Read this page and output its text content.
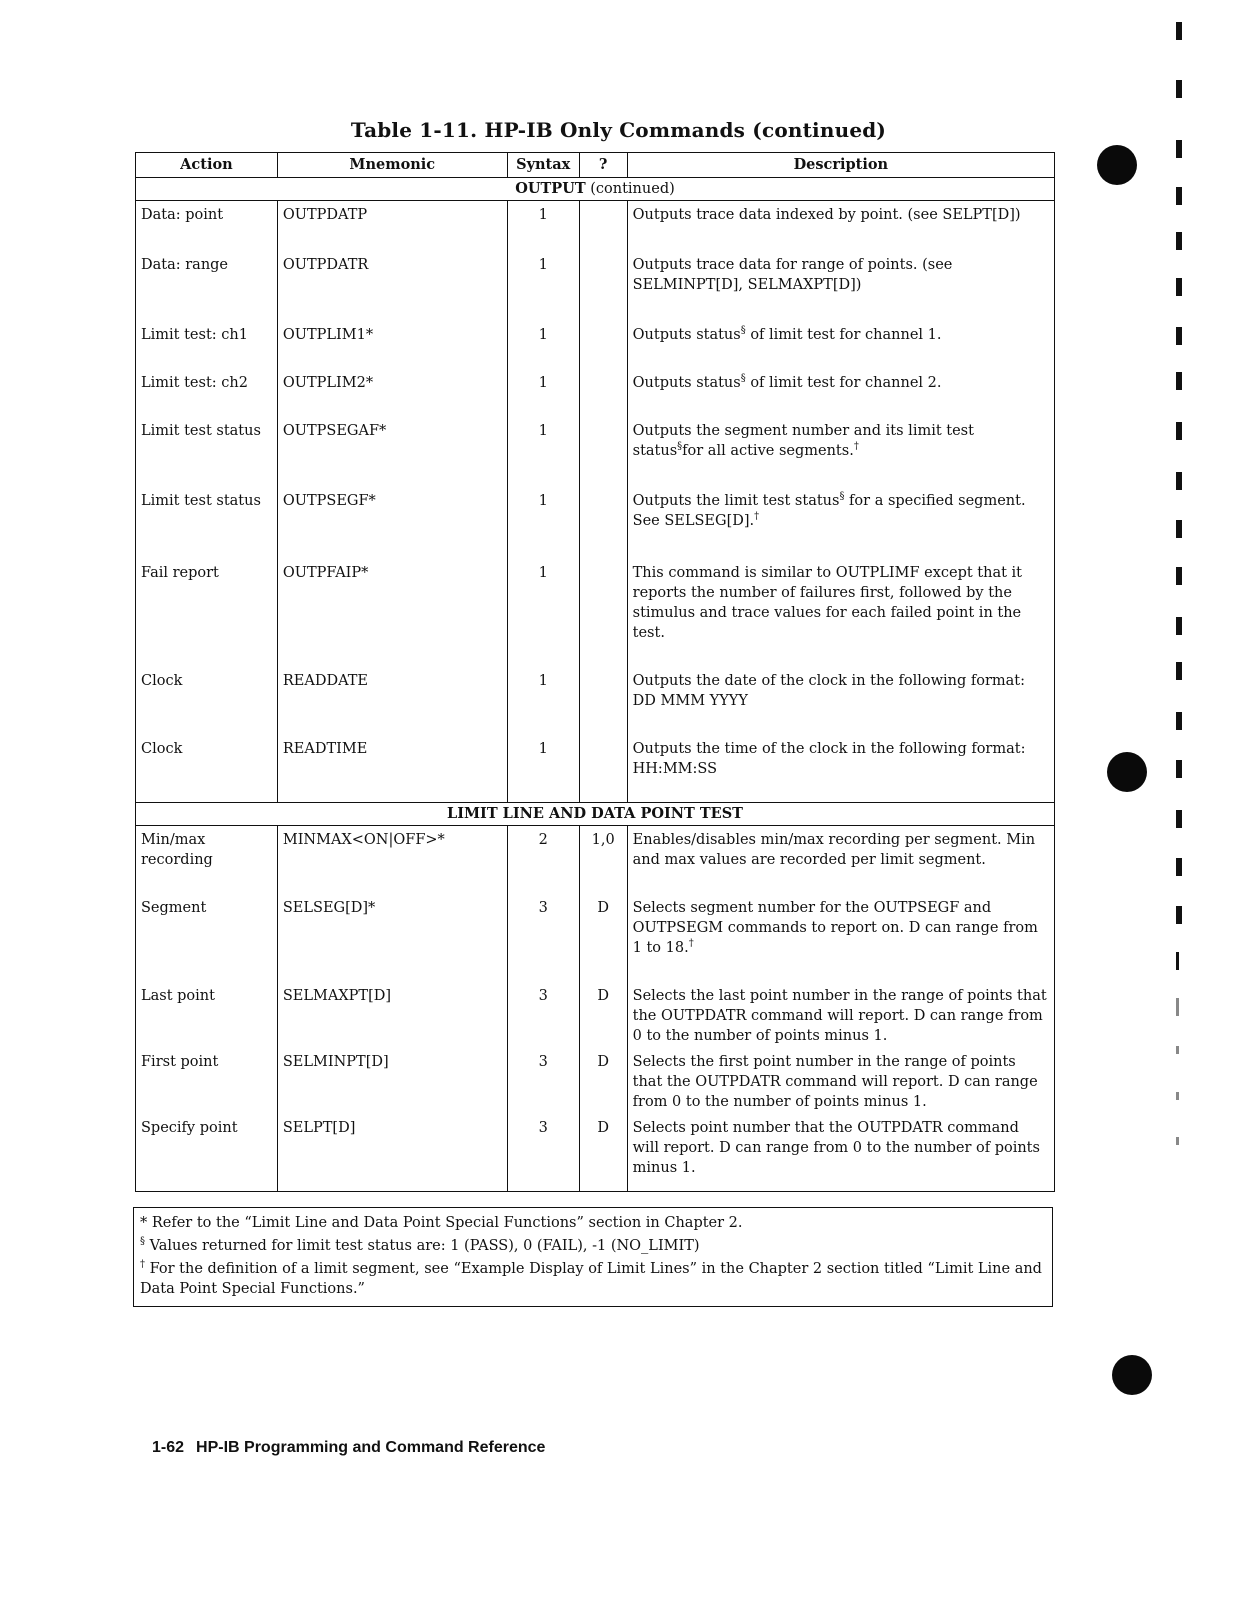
Table 1-11. HP-IB Only Commands (continued)
Action	Mnemonic	Syntax	?	Description
OUTPUT (continued)				
Data: point	OUTPDATP	1		Outputs trace data indexed by point. (see SELPT[D])
Data: range	OUTPDATR	1		Outputs trace data for range of points. (see SELMINPT[D], SELMAXPT[D])
Limit test: ch1	OUTPLIM1*	1		Outputs status§ of limit test for channel 1.
Limit test: ch2	OUTPLIM2*	1		Outputs status§ of limit test for channel 2.
Limit test status	OUTPSEGAF*	1		Outputs the segment number and its limit test status§for all active segments.†
Limit test status	OUTPSEGF*	1		Outputs the limit test status§ for a specified segment. See SELSEG[D].†
Fail report	OUTPFAIP*	1		This command is similar to OUTPLIMF except that it reports the number of failures first, followed by the stimulus and trace values for each failed point in the test.
Clock	READDATE	1		Outputs the date of the clock in the following format: DD MMM YYYY
Clock	READTIME	1		Outputs the time of the clock in the following format: HH:MM:SS
LIMIT LINE AND DATA POINT TEST				
Min/max recording	MINMAX<ON|OFF>*	2	1,0	Enables/disables min/max recording per segment. Min and max values are recorded per limit segment.
Segment	SELSEG[D]*	3	D	Selects segment number for the OUTPSEGF and OUTPSEGM commands to report on. D can range from 1 to 18.†
Last point	SELMAXPT[D]	3	D	Selects the last point number in the range of points that the OUTPDATR command will report. D can range from 0 to the number of points minus 1.
First point	SELMINPT[D]	3	D	Selects the first point number in the range of points that the OUTPDATR command will report. D can range from 0 to the number of points minus 1.
Specify point	SELPT[D]	3	D	Selects point number that the OUTPDATR command will report. D can range from 0 to the number of points minus 1.
* Refer to the “Limit Line and Data Point Special Functions” section in Chapter 2.
§ Values returned for limit test status are: 1 (PASS), 0 (FAIL), -1 (NO_LIMIT)
† For the definition of a limit segment, see “Example Display of Limit Lines” in the Chapter 2 section titled “Limit Line and Data Point Special Functions.”
1-62 HP-IB Programming and Command Reference
